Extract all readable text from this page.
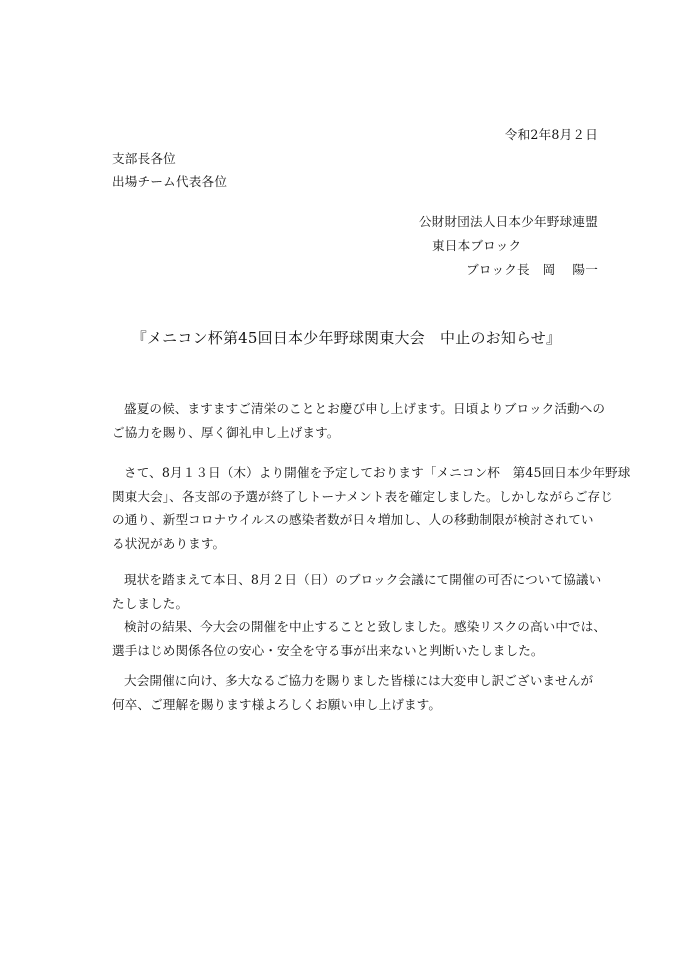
令和2年8月２日
支部長各位
出場チーム代表各位
公財財団法人日本少年野球連盟
東日本ブロック
ブロック長　岡　 陽一
『メニコン杯第45回日本少年野球関東大会　中止のお知らせ』
盛夏の候、ますますご清栄のこととお慶び申し上げます。日頃よりブロック活動への
ご協力を賜り、厚く御礼申し上げます。
さて、8月１３日（木）より開催を予定しております「メニコン杯　第45回日本少年野球
関東大会」、各支部の予選が終了しトーナメント表を確定しました。しかしながらご存じ
の通り、新型コロナウイルスの感染者数が日々増加し、人の移動制限が検討されてい
る状況があります。
現状を踏まえて本日、8月２日（日）のブロック会議にて開催の可否について協議い
たしました。
検討の結果、今大会の開催を中止することと致しました。感染リスクの高い中では、
選手はじめ関係各位の安心・安全を守る事が出来ないと判断いたしました。
大会開催に向け、多大なるご協力を賜りました皆様には大変申し訳ございませんが
何卒、ご理解を賜ります様よろしくお願い申し上げます。
